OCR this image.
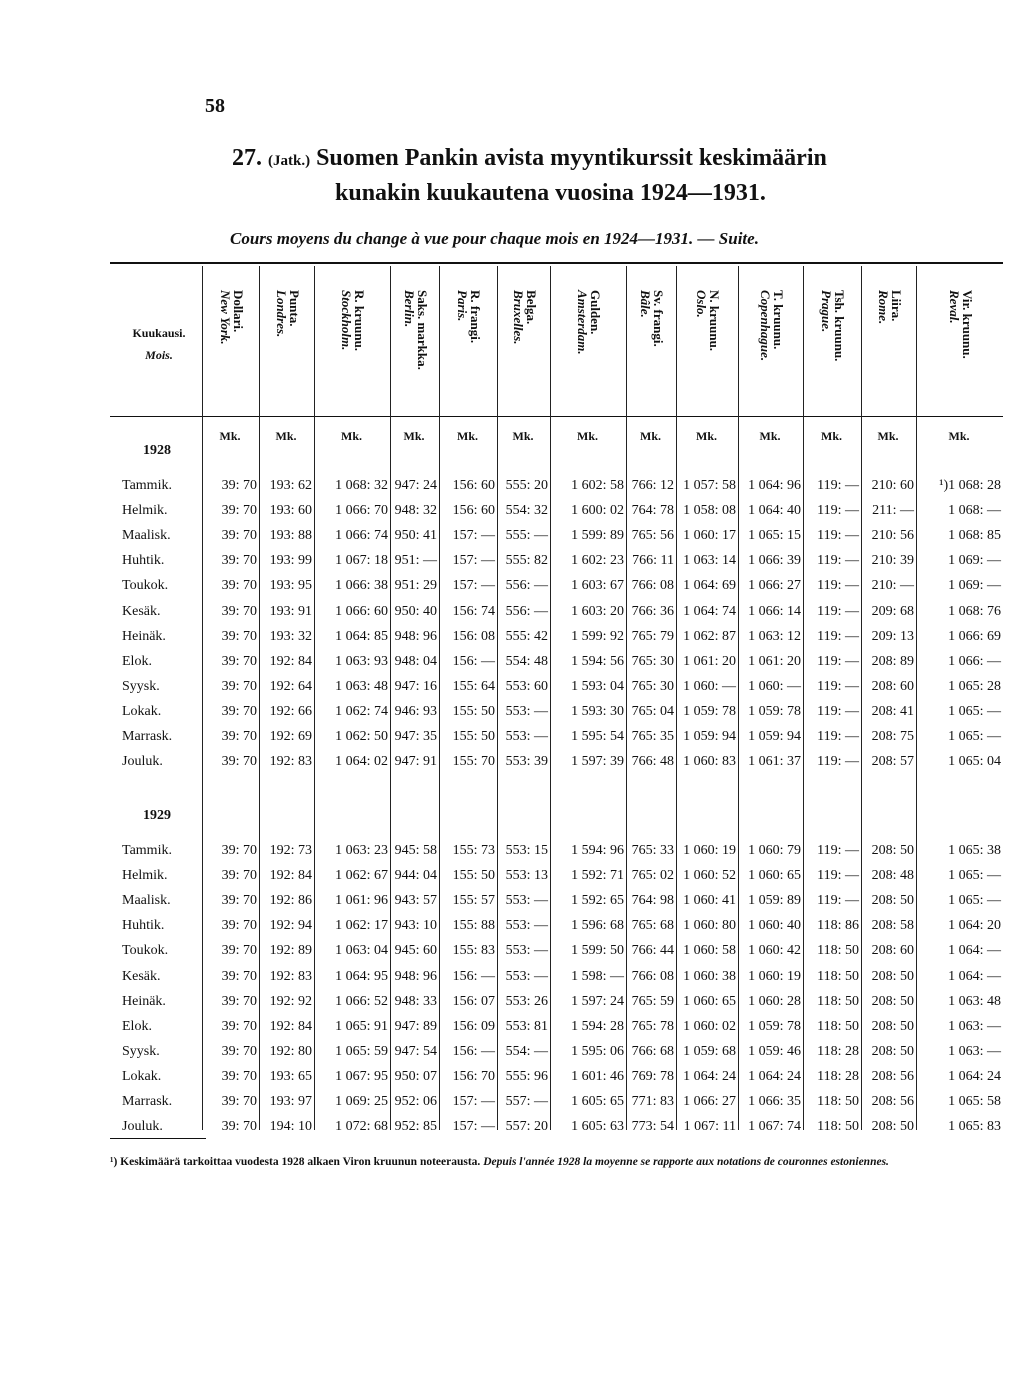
58
27. (Jatk.) Suomen Pankin avista myyntikurssit keskimäärin
kunakin kuukautena vuosina 1924—1931.
Cours moyens du change à vue pour chaque mois en 1924—1931. — Suite.
Kuukausi.
Mois.
Dollari.
New York.
Mk.
Punta.
Londres.
Mk.
R. kruunu.
Stockholm.
Mk.
Saks. markka.
Berlin.
Mk.
R. frangi.
Paris.
Mk.
Belga.
Bruxelles.
Mk.
Gulden.
Amsterdam.
Mk.
Sv. frangi.
Bâle.
Mk.
N. kruunu.
Oslo.
Mk.
T. kruunu.
Copenhague.
Mk.
Tsh. kruunu.
Prague.
Mk.
Liira.
Rome.
Mk.
Vir. kruunu.
Reval.
Mk.
1928
Tammik.	39: 70 193: 62	1 068: 32 947: 24	156: 60 555: 20	1 602: 58 766: 12 1 057: 58 1 064: 96	119: — 210: 60	¹)1 068: 28
Helmik.	39: 70 193: 60	1 066: 70 948: 32	156: 60 554: 32	1 600: 02 764: 78 1 058: 08 1 064: 40	119: — 211: —	1 068: —
Maalisk.	39: 70 193: 88	1 066: 74 950: 41	157: — 555: —	1 599: 89 765: 56 1 060: 17 1 065: 15	119: — 210: 56	1 068: 85
Huhtik.	39: 70 193: 99	1 067: 18 951: —	157: — 555: 82	1 602: 23 766: 11 1 063: 14 1 066: 39	119: — 210: 39	1 069: —
Toukok.	39: 70 193: 95	1 066: 38 951: 29	157: — 556: —	1 603: 67 766: 08 1 064: 69 1 066: 27	119: — 210: —	1 069: —
Kesäk.	39: 70 193: 91	1 066: 60 950: 40	156: 74 556: —	1 603: 20 766: 36 1 064: 74 1 066: 14	119: — 209: 68	1 068: 76
Heinäk.	39: 70 193: 32	1 064: 85 948: 96	156: 08 555: 42	1 599: 92 765: 79 1 062: 87 1 063: 12	119: — 209: 13	1 066: 69
Elok.	39: 70 192: 84	1 063: 93 948: 04	156: — 554: 48	1 594: 56 765: 30 1 061: 20 1 061: 20	119: — 208: 89	1 066: —
Syysk.	39: 70 192: 64	1 063: 48 947: 16	155: 64 553: 60	1 593: 04 765: 30 1 060: — 1 060: —	119: — 208: 60	1 065: 28
Lokak.	39: 70 192: 66	1 062: 74 946: 93	155: 50 553: —	1 593: 30 765: 04 1 059: 78 1 059: 78	119: — 208: 41	1 065: —
Marrask.	39: 70 192: 69	1 062: 50 947: 35	155: 50 553: —	1 595: 54 765: 35 1 059: 94 1 059: 94	119: — 208: 75	1 065: —
Jouluk.	39: 70 192: 83	1 064: 02 947: 91	155: 70 553: 39	1 597: 39 766: 48 1 060: 83 1 061: 37	119: — 208: 57	1 065: 04
1929
Tammik.	39: 70 192: 73	1 063: 23 945: 58	155: 73 553: 15	1 594: 96 765: 33 1 060: 19 1 060: 79	119: — 208: 50	1 065: 38
Helmik.	39: 70 192: 84	1 062: 67 944: 04	155: 50 553: 13	1 592: 71 765: 02 1 060: 52 1 060: 65	119: — 208: 48	1 065: —
Maalisk.	39: 70 192: 86	1 061: 96 943: 57	155: 57 553: —	1 592: 65 764: 98 1 060: 41 1 059: 89	119: — 208: 50	1 065: —
Huhtik.	39: 70 192: 94	1 062: 17 943: 10	155: 88 553: —	1 596: 68 765: 68 1 060: 80 1 060: 40	118: 86 208: 58	1 064: 20
Toukok.	39: 70 192: 89	1 063: 04 945: 60	155: 83 553: —	1 599: 50 766: 44 1 060: 58 1 060: 42	118: 50 208: 60	1 064: —
Kesäk.	39: 70 192: 83	1 064: 95 948: 96	156: — 553: —	1 598: — 766: 08 1 060: 38 1 060: 19	118: 50 208: 50	1 064: —
Heinäk.	39: 70 192: 92	1 066: 52 948: 33	156: 07 553: 26	1 597: 24 765: 59 1 060: 65 1 060: 28	118: 50 208: 50	1 063: 48
Elok.	39: 70 192: 84	1 065: 91 947: 89	156: 09 553: 81	1 594: 28 765: 78 1 060: 02 1 059: 78	118: 50 208: 50	1 063: —
Syysk.	39: 70 192: 80	1 065: 59 947: 54	156: — 554: —	1 595: 06 766: 68 1 059: 68 1 059: 46	118: 28 208: 50	1 063: —
Lokak.	39: 70 193: 65	1 067: 95 950: 07	156: 70 555: 96	1 601: 46 769: 78 1 064: 24 1 064: 24	118: 28 208: 56	1 064: 24
Marrask.	39: 70 193: 97	1 069: 25 952: 06	157: — 557: —	1 605: 65 771: 83 1 066: 27 1 066: 35	118: 50 208: 56	1 065: 58
Jouluk.	39: 70 194: 10	1 072: 68 952: 85	157: — 557: 20	1 605: 63 773: 54 1 067: 11 1 067: 74	118: 50 208: 50	1 065: 83
¹) Keskimäärä tarkoittaa vuodesta 1928 alkaen Viron kruunun noteerausta. Depuis l'année 1928 la moyenne se rapporte aux notations de couronnes estoniennes.
